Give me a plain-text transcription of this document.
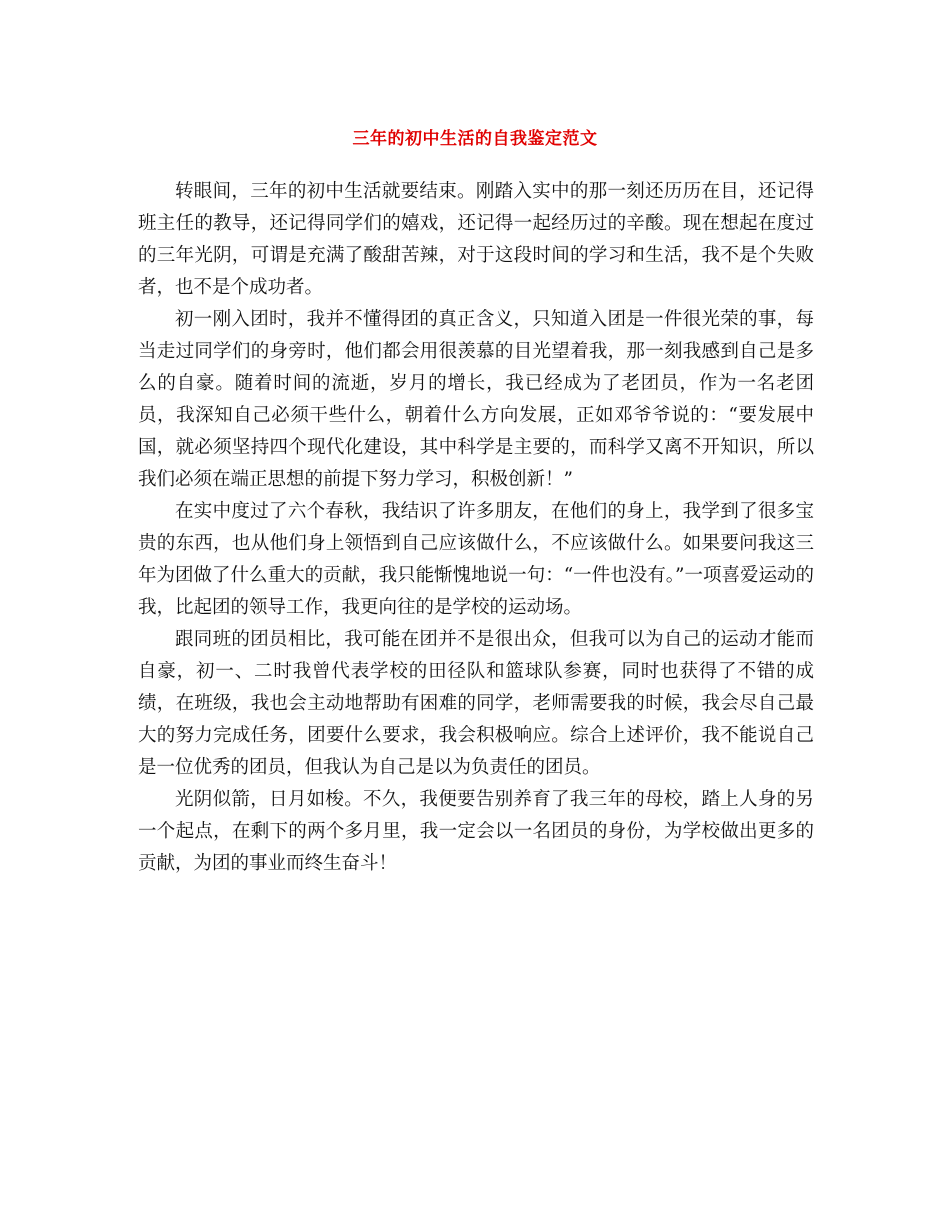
三年的初中生活的自我鉴定范文

转眼间，三年的初中生活就要结束。刚踏入实中的那一刻还历历在目，还记得班主任的教导，还记得同学们的嬉戏，还记得一起经历过的辛酸。现在想起在度过的三年光阴，可谓是充满了酸甜苦辣，对于这段时间的学习和生活，我不是个失败者，也不是个成功者。

初一刚入团时，我并不懂得团的真正含义，只知道入团是一件很光荣的事，每当走过同学们的身旁时，他们都会用很羡慕的目光望着我，那一刻我感到自己是多么的自豪。随着时间的流逝，岁月的增长，我已经成为了老团员，作为一名老团员，我深知自己必须干些什么，朝着什么方向发展，正如邓爷爷说的：“要发展中国，就必须坚持四个现代化建设，其中科学是主要的，而科学又离不开知识，所以我们必须在端正思想的前提下努力学习，积极创新！”

在实中度过了六个春秋，我结识了许多朋友，在他们的身上，我学到了很多宝贵的东西，也从他们身上领悟到自己应该做什么，不应该做什么。如果要问我这三年为团做了什么重大的贡献，我只能惭愧地说一句：“一件也没有。”一项喜爱运动的我，比起团的领导工作，我更向往的是学校的运动场。

跟同班的团员相比，我可能在团并不是很出众，但我可以为自己的运动才能而自豪，初一、二时我曾代表学校的田径队和篮球队参赛，同时也获得了不错的成绩，在班级，我也会主动地帮助有困难的同学，老师需要我的时候，我会尽自己最大的努力完成任务，团要什么要求，我会积极响应。综合上述评价，我不能说自己是一位优秀的团员，但我认为自己是以为负责任的团员。

光阴似箭，日月如梭。不久，我便要告别养育了我三年的母校，踏上人身的另一个起点，在剩下的两个多月里，我一定会以一名团员的身份，为学校做出更多的贡献，为团的事业而终生奋斗！
